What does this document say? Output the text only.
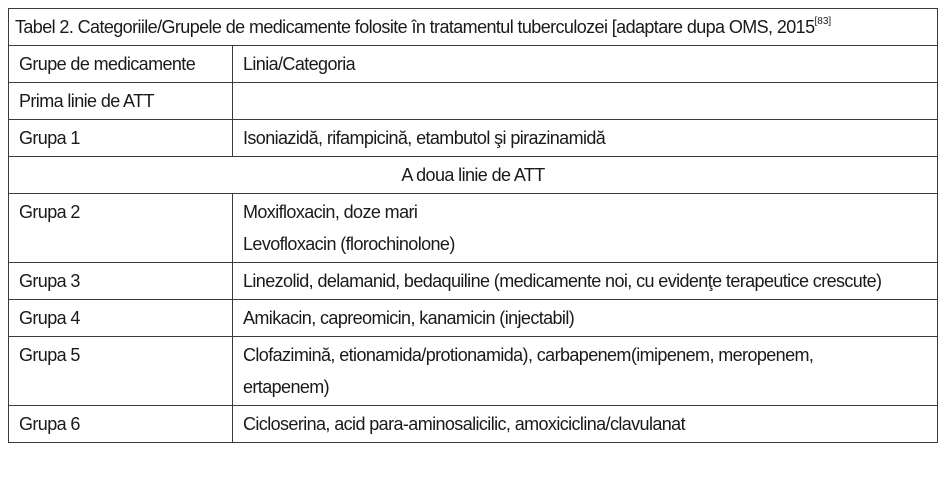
Tabel 2. Categoriile/Grupele de medicamente folosite în tratamentul tuberculozei [adaptare dupa OMS, 2015[83]
Grupe de medicamente	Linia/Categoria
Prima linie de ATT	
Grupa 1	Isoniazidă, rifampicină, etambutol şi pirazinamidă

A doua linie de ATT	
Grupa 2	Moxifloxacin, doze mari
Levofloxacin (florochinolone)

Grupa 3	Linezolid, delamanid, bedaquiline (medicamente noi, cu evidenţe terapeutice crescute)

Grupa 4	Amikacin, capreomicin, kanamicin (injectabil)

Grupa 5	Clofazimină, etionamida/protionamida), carbapenem(imipenem, meropenem,
ertapenem)

Grupa 6	Cicloserina, acid para-aminosalicilic, amoxiciclina/clavulanat
